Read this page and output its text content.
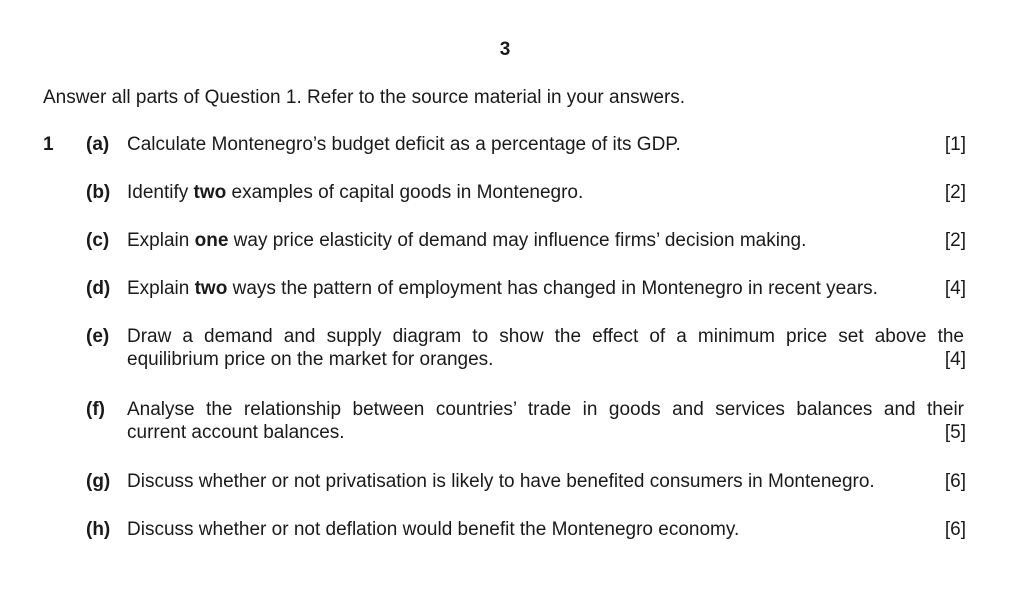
3
Answer all parts of Question 1. Refer to the source material in your answers.
1 (a) Calculate Montenegro’s budget deficit as a percentage of its GDP.	[1]
(b) Identify two examples of capital goods in Montenegro.	[2]
(c) Explain one way price elasticity of demand may influence firms’ decision making.	[2]
(d) Explain two ways the pattern of employment has changed in Montenegro in recent years.	[4]
(e) Draw a demand and supply diagram to show the effect of a minimum price set above the
equilibrium price on the market for oranges.	[4]
(f) Analyse the relationship between countries’ trade in goods and services balances and their
current account balances.	[5]
(g) Discuss whether or not privatisation is likely to have benefited consumers in Montenegro.	[6]
(h) Discuss whether or not deflation would benefit the Montenegro economy.	[6]
